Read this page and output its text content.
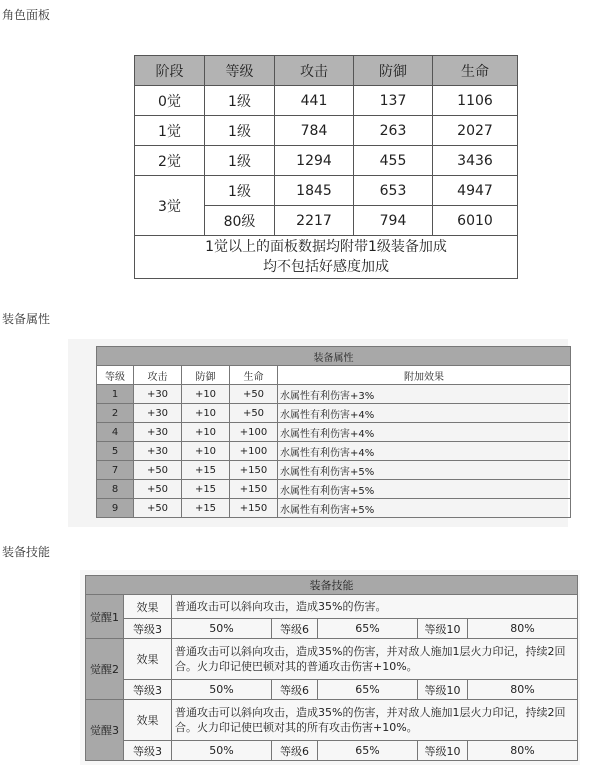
角色面板
阶段	等级	攻击	防御	生命
0觉	1级	441	137	1106
1觉	1级	784	263	2027
2觉	1级	1294	455	3436
3觉	1级	1845	653	4947
	80级	2217	794	6010

1觉以上的面板数据均附带1级装备加成
均不包括好感度加成				
装备属性
装备属性				
等级	攻击	防御	生命	附加效果
1	+30	+10	+50	水属性有利伤害+3%
2	+30	+10	+50	水属性有利伤害+4%
4	+30	+10	+100	水属性有利伤害+4%
5	+30	+10	+100	水属性有利伤害+4%
7	+50	+15	+150	水属性有利伤害+5%
8	+50	+15	+150	水属性有利伤害+5%
9	+50	+15	+150	水属性有利伤害+5%
装备技能
装备技能						
觉醒1	效果	普通攻击可以斜向攻击，造成35%的伤害。				
	等级3	50%	等级6	65%	等级10	80%
觉醒2	效果	普通攻击可以斜向攻击，造成35%的伤害，并对敌人施加1层火力印记，持续2回合。火力印记使巴顿对其的普通攻击伤害+10%。				
	等级3	50%	等级6	65%	等级10	80%
觉醒3	效果	普通攻击可以斜向攻击，造成35%的伤害，并对敌人施加1层火力印记，持续2回合。火力印记使巴顿对其的所有攻击伤害+10%。				
	等级3	50%	等级6	65%	等级10	80%
